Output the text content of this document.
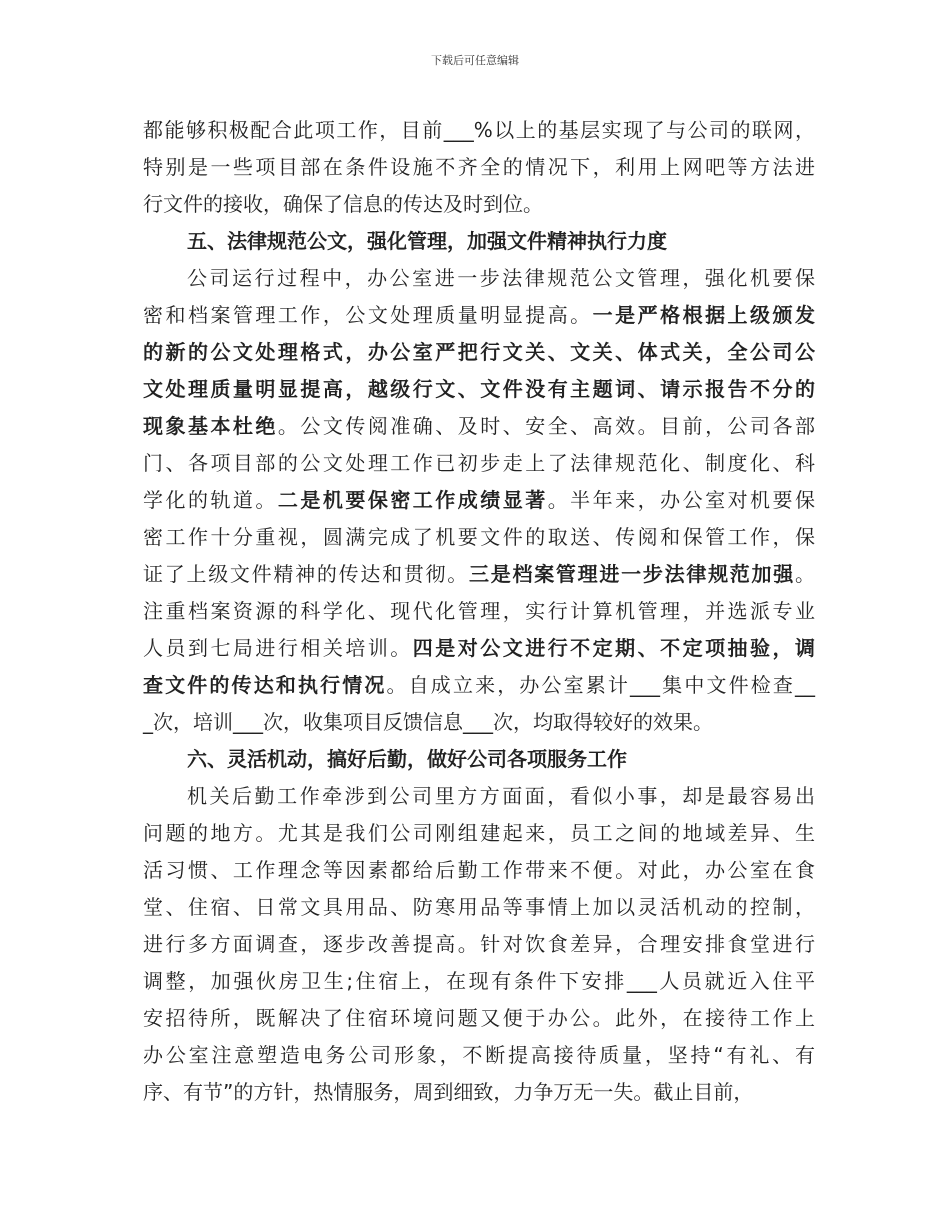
下载后可任意编辑
都能够积极配合此项工作，目前___%以上的基层实现了与公司的联网，
特别是一些项目部在条件设施不齐全的情况下，利用上网吧等方法进
行文件的接收，确保了信息的传达及时到位。
五、法律规范公文，强化管理，加强文件精神执行力度
公司运行过程中，办公室进一步法律规范公文管理，强化机要保
密和档案管理工作，公文处理质量明显提高。一是严格根据上级颁发
的新的公文处理格式，办公室严把行文关、文关、体式关，全公司公
文处理质量明显提高，越级行文、文件没有主题词、请示报告不分的
现象基本杜绝。公文传阅准确、及时、安全、高效。目前，公司各部
门、各项目部的公文处理工作已初步走上了法律规范化、制度化、科
学化的轨道。二是机要保密工作成绩显著。半年来，办公室对机要保
密工作十分重视，圆满完成了机要文件的取送、传阅和保管工作，保
证了上级文件精神的传达和贯彻。三是档案管理进一步法律规范加强。
注重档案资源的科学化、现代化管理，实行计算机管理，并选派专业
人员到七局进行相关培训。四是对公文进行不定期、不定项抽验，调
查文件的传达和执行情况。自成立来，办公室累计___集中文件检查__
_次，培训___次，收集项目反馈信息___次，均取得较好的效果。
六、灵活机动，搞好后勤，做好公司各项服务工作
机关后勤工作牵涉到公司里方方面面，看似小事，却是最容易出
问题的地方。尤其是我们公司刚组建起来，员工之间的地域差异、生
活习惯、工作理念等因素都给后勤工作带来不便。对此，办公室在食
堂、住宿、日常文具用品、防寒用品等事情上加以灵活机动的控制，
进行多方面调查，逐步改善提高。针对饮食差异，合理安排食堂进行
调整，加强伙房卫生;住宿上，在现有条件下安排___人员就近入住平
安招待所，既解决了住宿环境问题又便于办公。此外，在接待工作上
办公室注意塑造电务公司形象，不断提高接待质量，坚持“有礼、有
序、有节”的方针，热情服务，周到细致，力争万无一失。截止目前，
